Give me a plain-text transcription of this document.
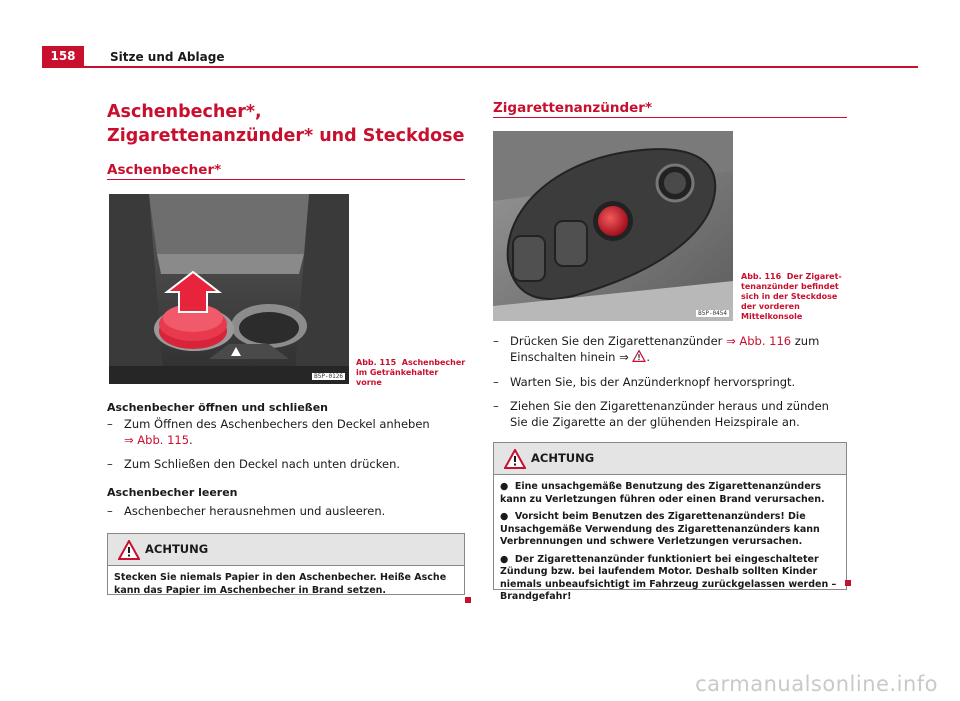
158	Sitze und Ablage
Aschenbecher*, Zigarettenanzünder* und Steckdose
Aschenbecher*
B5P-0126
Abb. 115 Aschenbecher im Getränkehalter vorne
Aschenbecher öffnen und schließen
– Zum Öffnen des Aschenbechers den Deckel anheben
⇒ Abb. 115.
– Zum Schließen den Deckel nach unten drücken.
Aschenbecher leeren
– Aschenbecher herausnehmen und ausleeren.
ACHTUNG
Stecken Sie niemals Papier in den Aschenbecher. Heiße Asche kann das Papier im Aschenbecher in Brand setzen.
Zigarettenanzünder*
B5P-0454
Abb. 116 Der Zigarettenanzünder befindet sich in der Steckdose der vorderen Mittelkonsole
– Drücken Sie den Zigarettenanzünder ⇒ Abb. 116 zum Einschalten hinein ⇒ .
– Warten Sie, bis der Anzünderknopf hervorspringt.
– Ziehen Sie den Zigarettenanzünder heraus und zünden Sie die Zigarette an der glühenden Heizspirale an.
ACHTUNG

● Eine unsachgemäße Benutzung des Zigarettenanzünders kann zu Verletzungen führen oder einen Brand verursachen.

● Vorsicht beim Benutzen des Zigarettenanzünders! Die Unsachgemäße Verwendung des Zigarettenanzünders kann Verbrennungen und schwere Verletzungen verursachen.

● Der Zigarettenanzünder funktioniert bei eingeschalteter Zündung bzw. bei laufendem Motor. Deshalb sollten Kinder niemals unbeaufsichtigt im Fahrzeug zurückgelassen werden – Brandgefahr!

carmanualsonline.info
